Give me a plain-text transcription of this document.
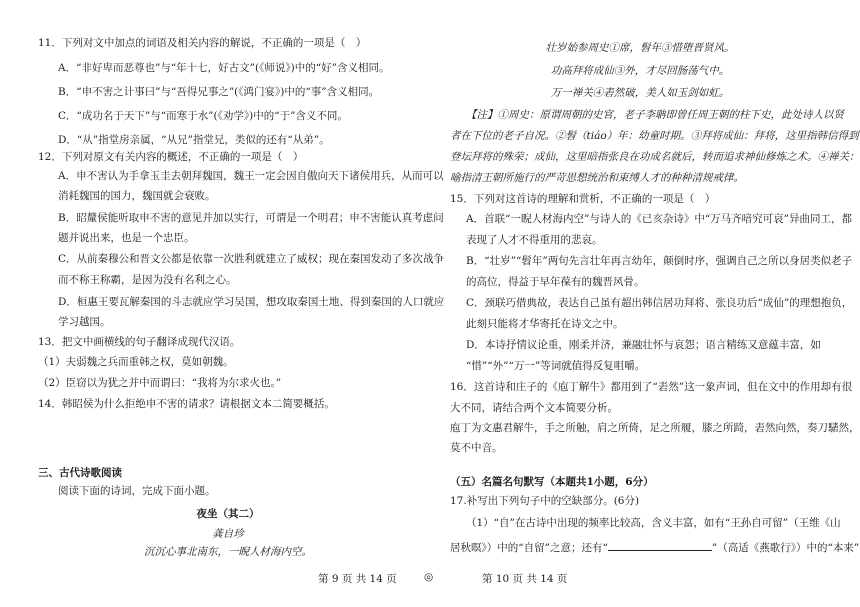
11．下列对文中加点的词语及相关内容的解说，不正确的一项是（　）
A．“非好卑而恶尊也”与“年十七，好古文”(《师说》)中的“好”含义相同。
B．“申不害之计事曰”与“吾得兄事之”(《鸿门宴》)中的“事”含义相同。
C．“成功名于天下”与“而寒于水”(《劝学》)中的“于”含义不同。
D．“从”指堂房亲属，“从兄”指堂兄，类似的还有“从弟”。
12．下列对原文有关内容的概述，不正确的一项是（　）
A．申不害认为手拿玉圭去朝拜魏国，魏王一定会因自傲向天下诸侯用兵，从而可以
消耗魏国的国力，魏国就会衰败。
B．昭釐侯能听取申不害的意见并加以实行，可谓是一个明君；申不害能认真考虑问
题并说出来，也是一个忠臣。
C．从前秦穆公和晋文公都是依靠一次胜利就建立了威权；现在秦国发动了多次战争
而不称王称霸，是因为没有名利之心。
D．桓惠王要瓦解秦国的斗志就应学习吴国，想攻取秦国土地、得到秦国的人口就应
学习越国。
13．把文中画横线的句子翻译成现代汉语。
（1）夫弱魏之兵而重韩之权，莫如朝魏。
（2）臣窃以为犹之并中而谓曰：“我将为尔求火也。”
14．韩昭侯为什么拒绝申不害的请求？请根据文本二简要概括。
三、古代诗歌阅读
阅读下面的诗词，完成下面小题。
夜坐（其二）
龚自珍
沉沉心事北南东，一睨人材海内空。
壮岁始参周史①席，髫年③惜堕晋贤风。
功高拜将成仙③外，才尽回肠荡气中。
万一禅关④砉然破，美人如玉剑如虹。
【注】①周史：原谓周朝的史官，老子李聃即曾任周王朝的柱下史，此处诗人以贤
者在下位的老子自况。②髫（tiáo）年：幼童时期。③拜将成仙：拜将，这里指韩信得到
登坛拜将的殊荣；成仙，这里暗指张良在功成名就后，转而追求神仙修炼之术。④禅关：
喻指清王朝所施行的严苛思想统治和束缚人才的种种清规戒律。
15．下列对这首诗的理解和赏析，不正确的一项是（　）
A．首联“一睨人材海内空”与诗人的《已亥杂诗》中“万马齐喑究可哀”异曲同工，都
表现了人才不得重用的悲哀。
B．“壮岁”“髫年”两句先言壮年再言幼年，颠倒时序，强调自己之所以身居类似老子
的高位，得益于早年葆有的魏晋风骨。
C．颈联巧借典故，表达自己虽有超出韩信居功拜将、张良功后“成仙”的理想抱负，
此刻只能将才华寄托在诗文之中。
D．本诗抒情议论重，刚柔并济，兼融壮怀与哀怨；语言精练又意蕴丰富，如
“惜”“外”“万一”等词就值得反复咀嚼。
16．这首诗和庄子的《庖丁解牛》都用到了“砉然”这一象声词，但在文中的作用却有很
大不同，请结合两个文本简要分析。
庖丁为文惠君解牛，手之所触，肩之所倚，足之所履，膝之所踦，砉然向然，奏刀騞然，
莫不中音。
（五）名篇名句默写（本题共1小题，6分）
17.补写出下列句子中的空缺部分。(6分)
（1）“自”在古诗中出现的频率比较高，含义丰富，如有“王孙自可留”（王维《山
居秋暝》）中的“自留”之意；还有“	”（高适《燕歌行》）中的“本来”
第 9 页 共 14 页	◎	第 10 页 共 14 页
